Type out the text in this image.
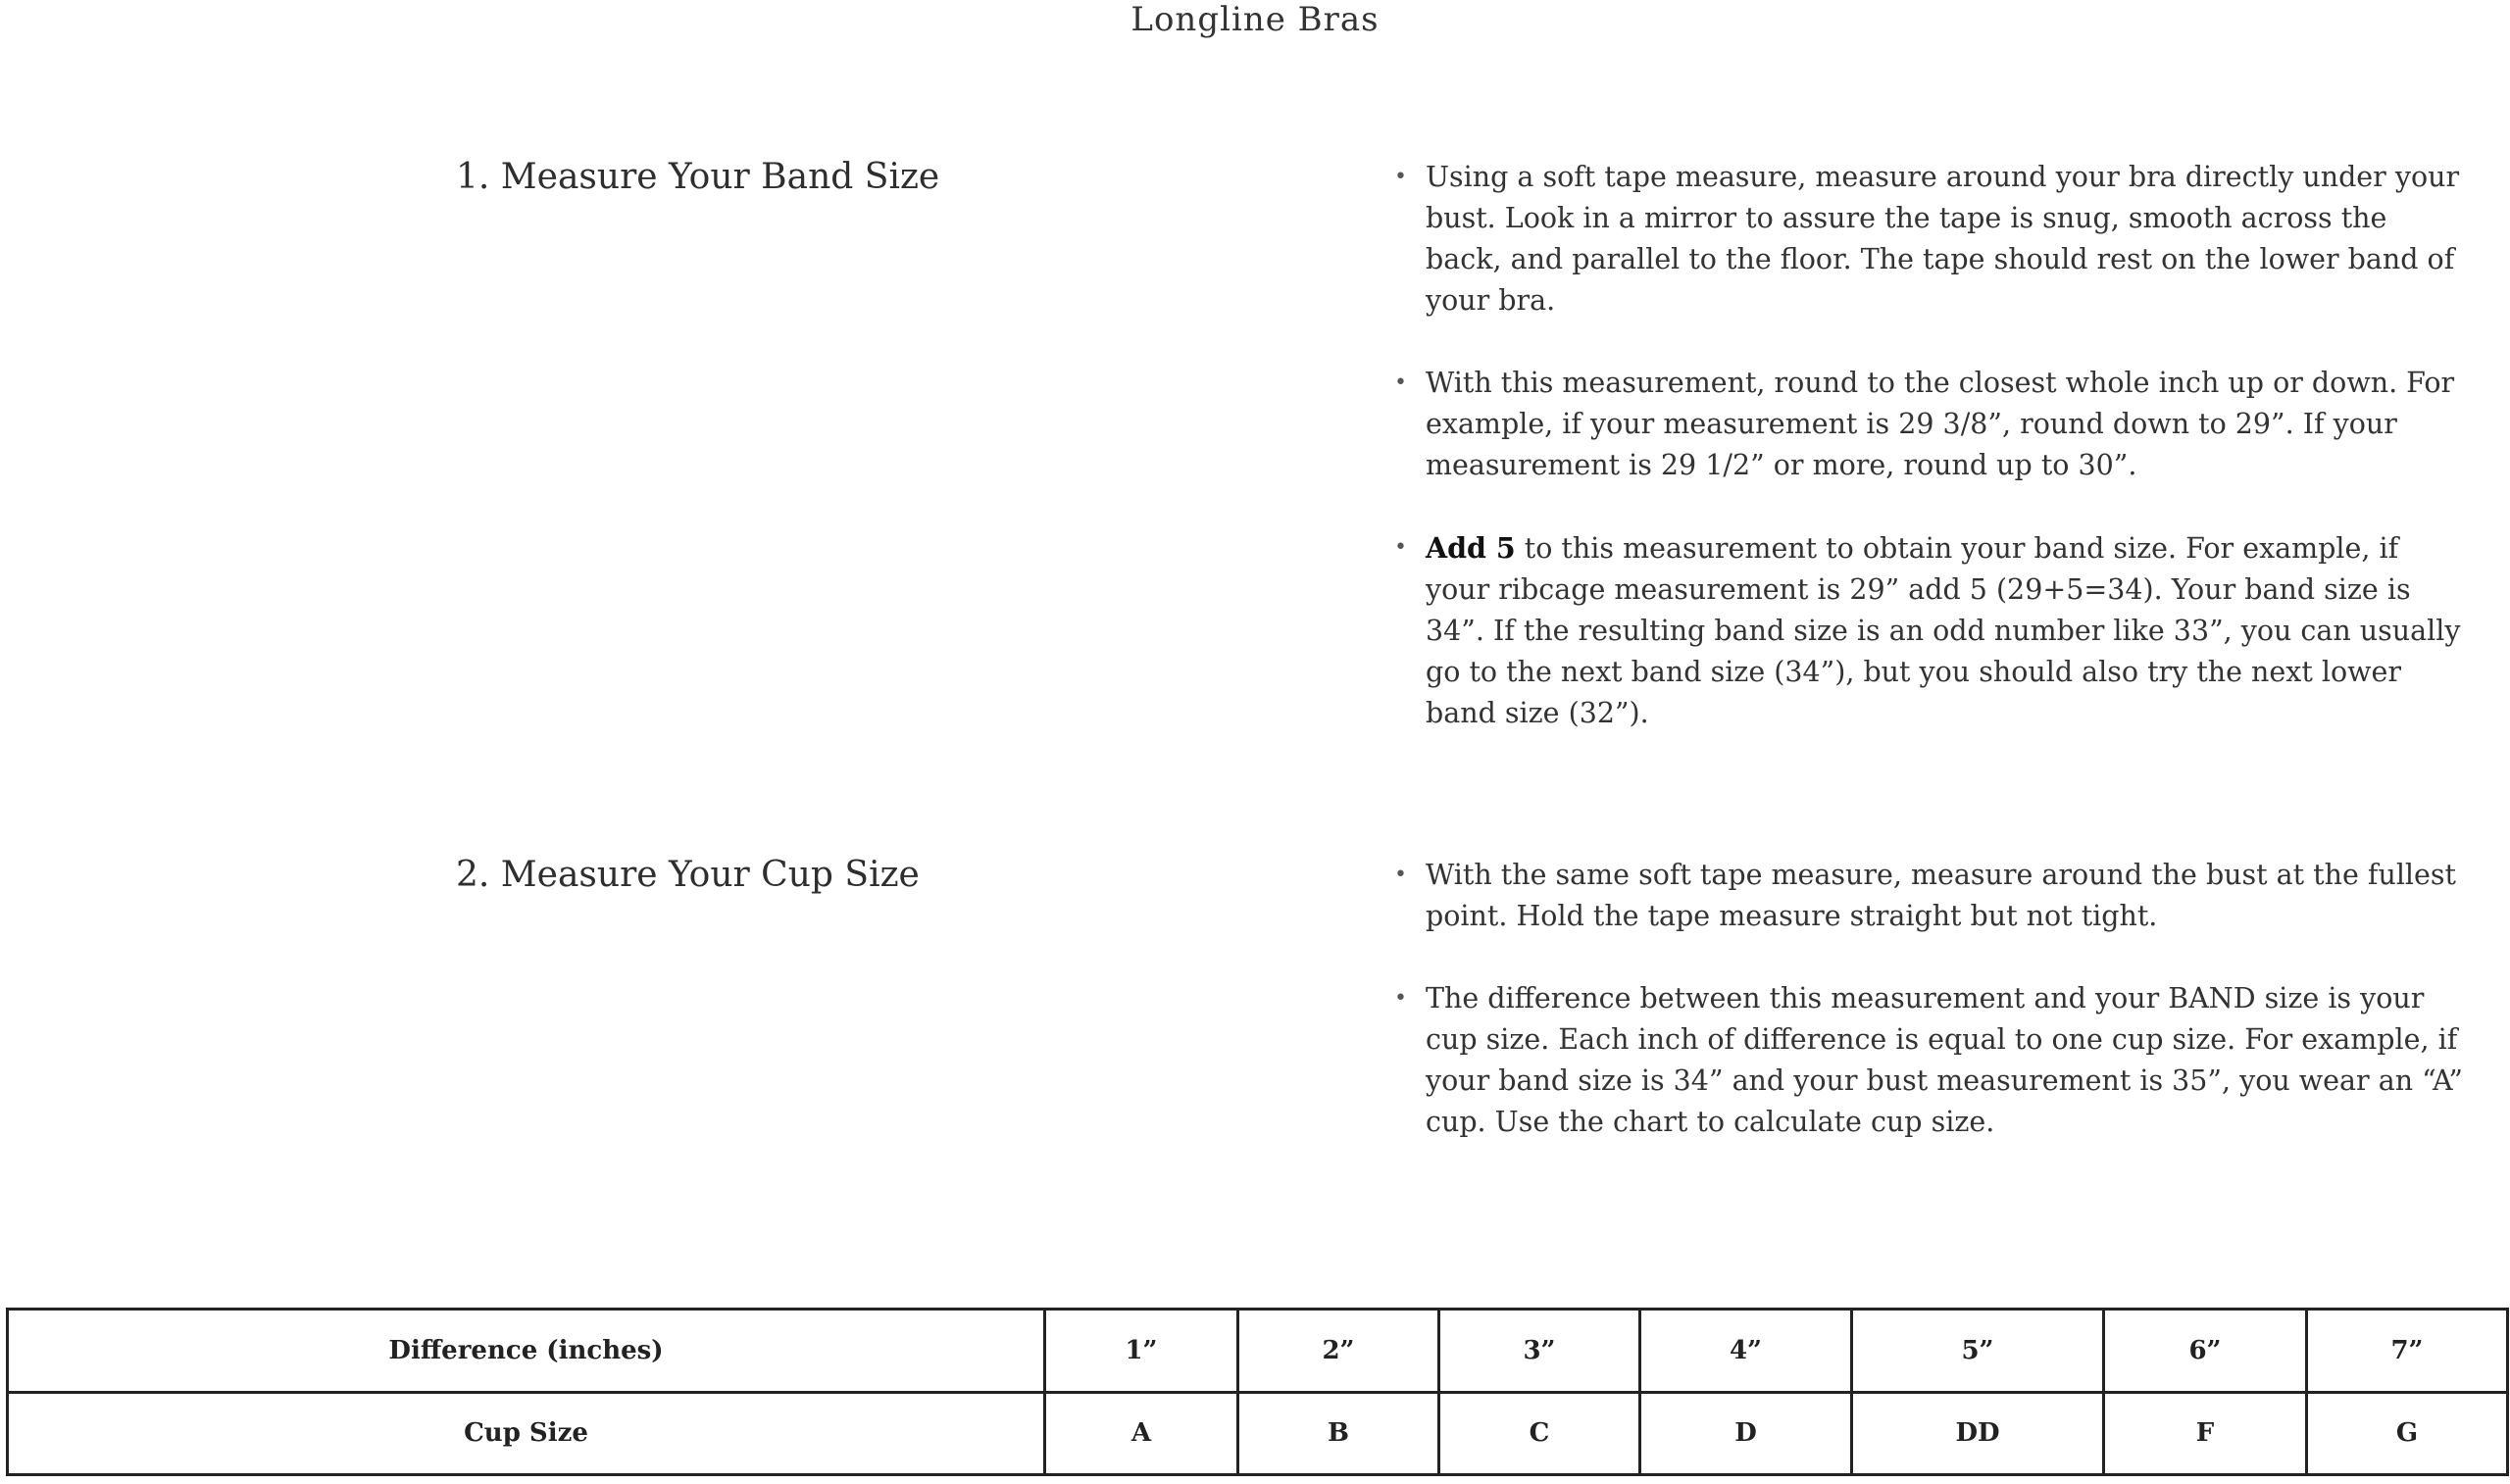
Longline Bras
1. Measure Your Band Size	• Using a soft tape measure, measure around your bra directly under your bust. Look in a mirror to assure the tape is snug, smooth across the back, and parallel to the floor. The tape should rest on the lower band of your bra.
• With this measurement, round to the closest whole inch up or down. For example, if your measurement is 29 3/8”, round down to 29”. If your measurement is 29 1/2” or more, round up to 30”.
• Add 5 to this measurement to obtain your band size. For example, if your ribcage measurement is 29” add 5 (29+5=34). Your band size is 34”. If the resulting band size is an odd number like 33”, you can usually go to the next band size (34”), but you should also try the next lower band size (32”).
2. Measure Your Cup Size	• With the same soft tape measure, measure around the bust at the fullest point. Hold the tape measure straight but not tight.
• The difference between this measurement and your BAND size is your cup size. Each inch of difference is equal to one cup size. For example, if your band size is 34” and your bust measurement is 35”, you wear an “A” cup. Use the chart to calculate cup size.
Difference (inches)	1”	2”	3”	4”	5”	6”	7”
Cup Size	A	B	C	D	DD	F	G
